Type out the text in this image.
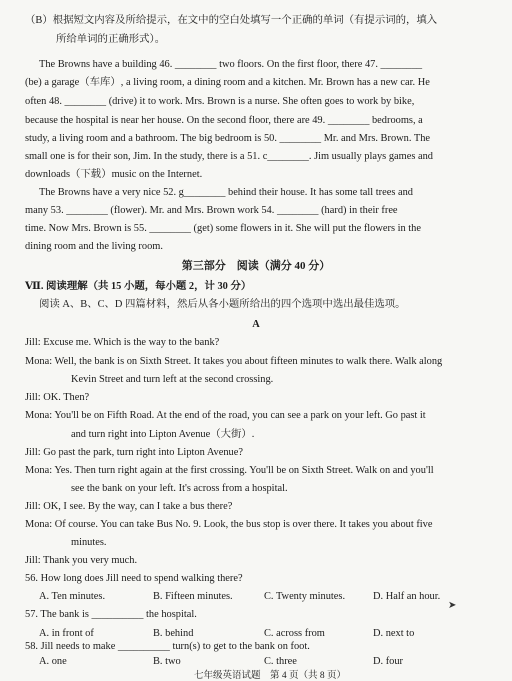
（B）根据短文内容及所给提示，在文中的空白处填写一个正确的单词（有提示词的，填入
所给单词的正确形式）。
The Browns have a building 46. ________ two floors. On the first floor, there 47. ________
(be) a garage（车库）, a living room, a dining room and a kitchen. Mr. Brown has a new car. He
often 48. ________ (drive) it to work. Mrs. Brown is a nurse. She often goes to work by bike,
because the hospital is near her house. On the second floor, there are 49. ________ bedrooms, a
study, a living room and a bathroom. The big bedroom is 50. ________ Mr. and Mrs. Brown. The
small one is for their son, Jim. In the study, there is a 51. c________. Jim usually plays games and
downloads（下载）music on the Internet.
The Browns have a very nice 52. g________ behind their house. It has some tall trees and
many 53. ________ (flower). Mr. and Mrs. Brown work 54. ________ (hard) in their free
time. Now Mrs. Brown is 55. ________ (get) some flowers in it. She will put the flowers in the
dining room and the living room.
第三部分　阅读（满分 40 分）
Ⅶ. 阅读理解（共 15 小题，每小题 2，计 30 分）
阅读 A、B、C、D 四篇材料，然后从各小题所给出的四个选项中选出最佳选项。
A
Jill: Excuse me. Which is the way to the bank?
Mona: Well, the bank is on Sixth Street. It takes you about fifteen minutes to walk there. Walk along
Kevin Street and turn left at the second crossing.
Jill: OK. Then?
Mona: You'll be on Fifth Road. At the end of the road, you can see a park on your left. Go past it
and turn right into Lipton Avenue（大街）.
Jill: Go past the park, turn right into Lipton Avenue?
Mona: Yes. Then turn right again at the first crossing. You'll be on Sixth Street. Walk on and you'll
see the bank on your left. It's across from a hospital.
Jill: OK, I see. By the way, can I take a bus there?
Mona: Of course. You can take Bus No. 9. Look, the bus stop is over there. It takes you about five
minutes.
Jill: Thank you very much.
56. How long does Jill need to spend walking there?
A. Ten minutes.	B. Fifteen minutes.	C. Twenty minutes.	D. Half an hour.
57. The bank is __________ the hospital.
A. in front of	B. behind	C. across from	D. next to
➤
58. Jill needs to make __________ turn(s) to get to the bank on foot.
A. one	B. two	C. three	D. four
七年级英语试题　第 4 页（共 8 页）
